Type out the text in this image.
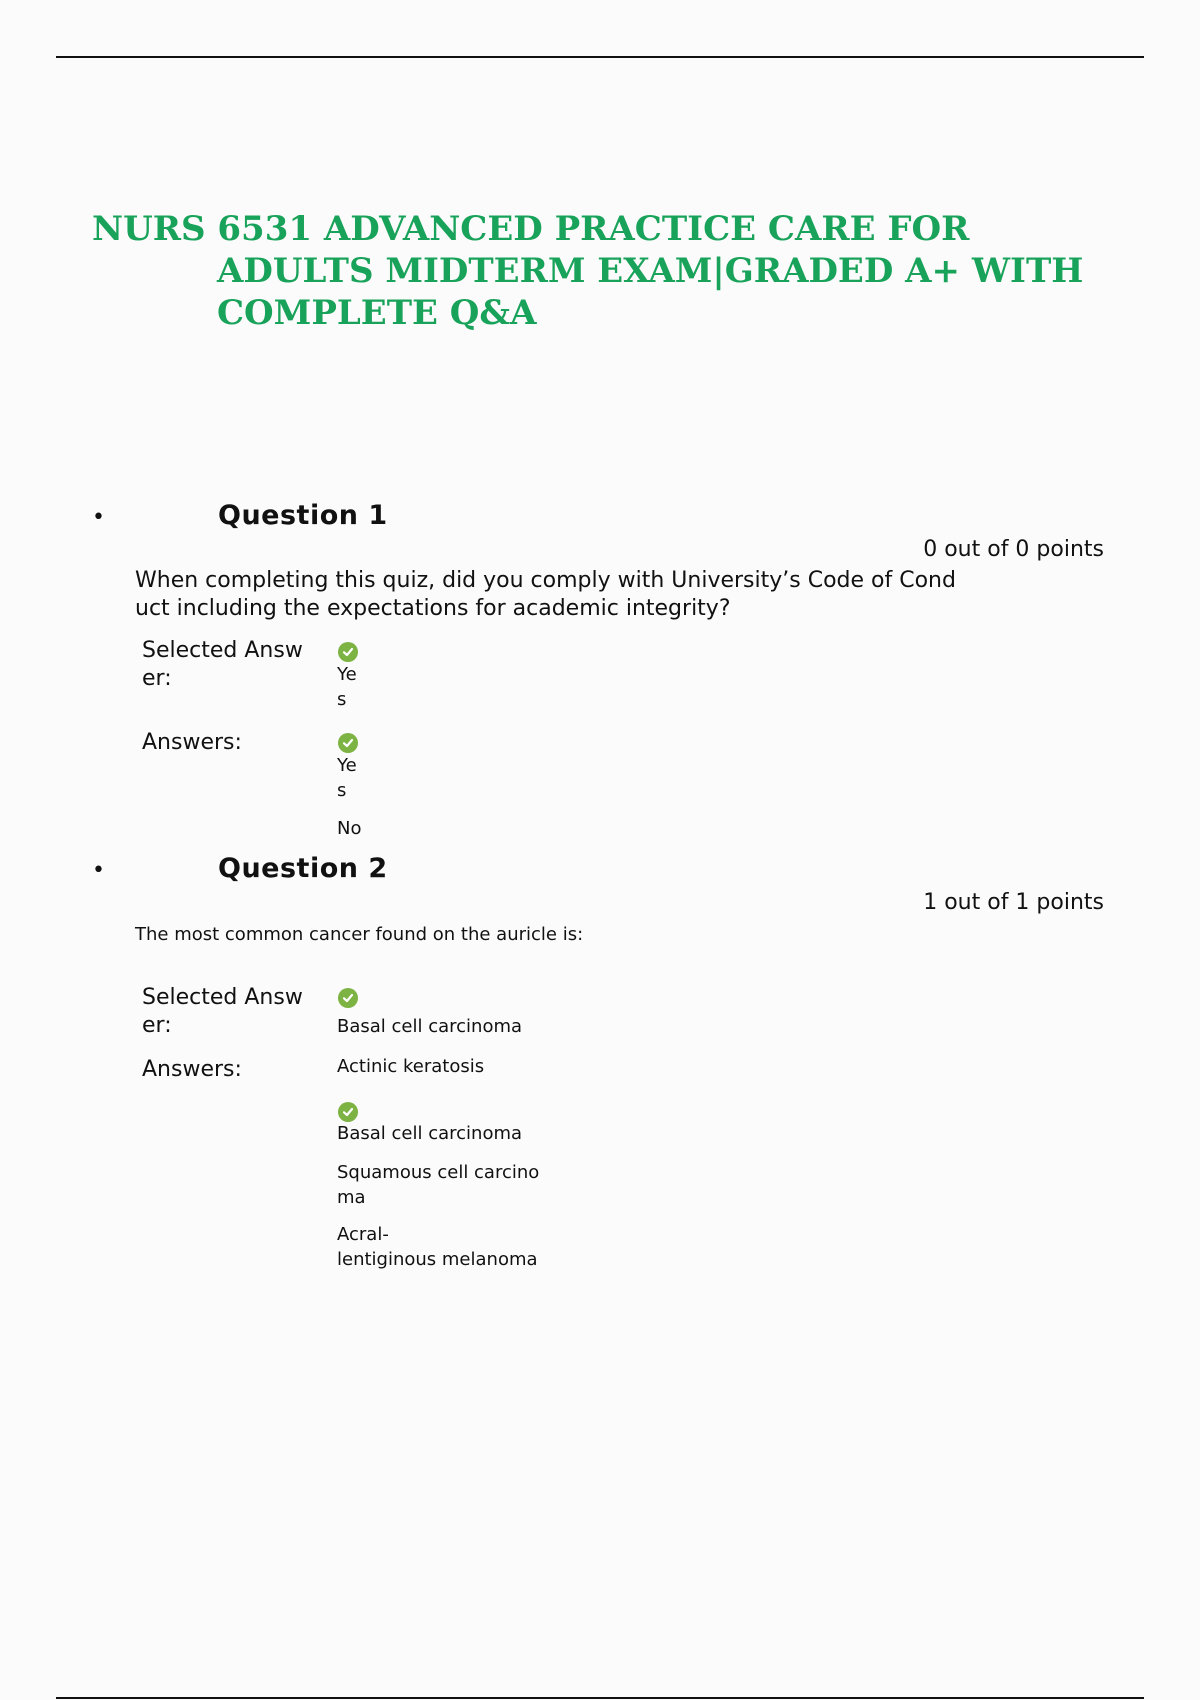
NURS 6531 ADVANCED PRACTICE CARE FOR
ADULTS MIDTERM EXAM|GRADED A+ WITH
COMPLETE Q&A
•	Question 1
0 out of 0 points
When completing this quiz, did you comply with University’s Code of Cond
uct including the expectations for academic integrity?
Selected Answ
er:	Ye
s
Answers:
Ye
s
No
•	Question 2
1 out of 1 points
The most common cancer found on the auricle is:
Selected Answ
er:	Basal cell carcinoma
Answers:	Actinic keratosis
Basal cell carcinoma
Squamous cell carcino
ma
Acral-
lentiginous melanoma
